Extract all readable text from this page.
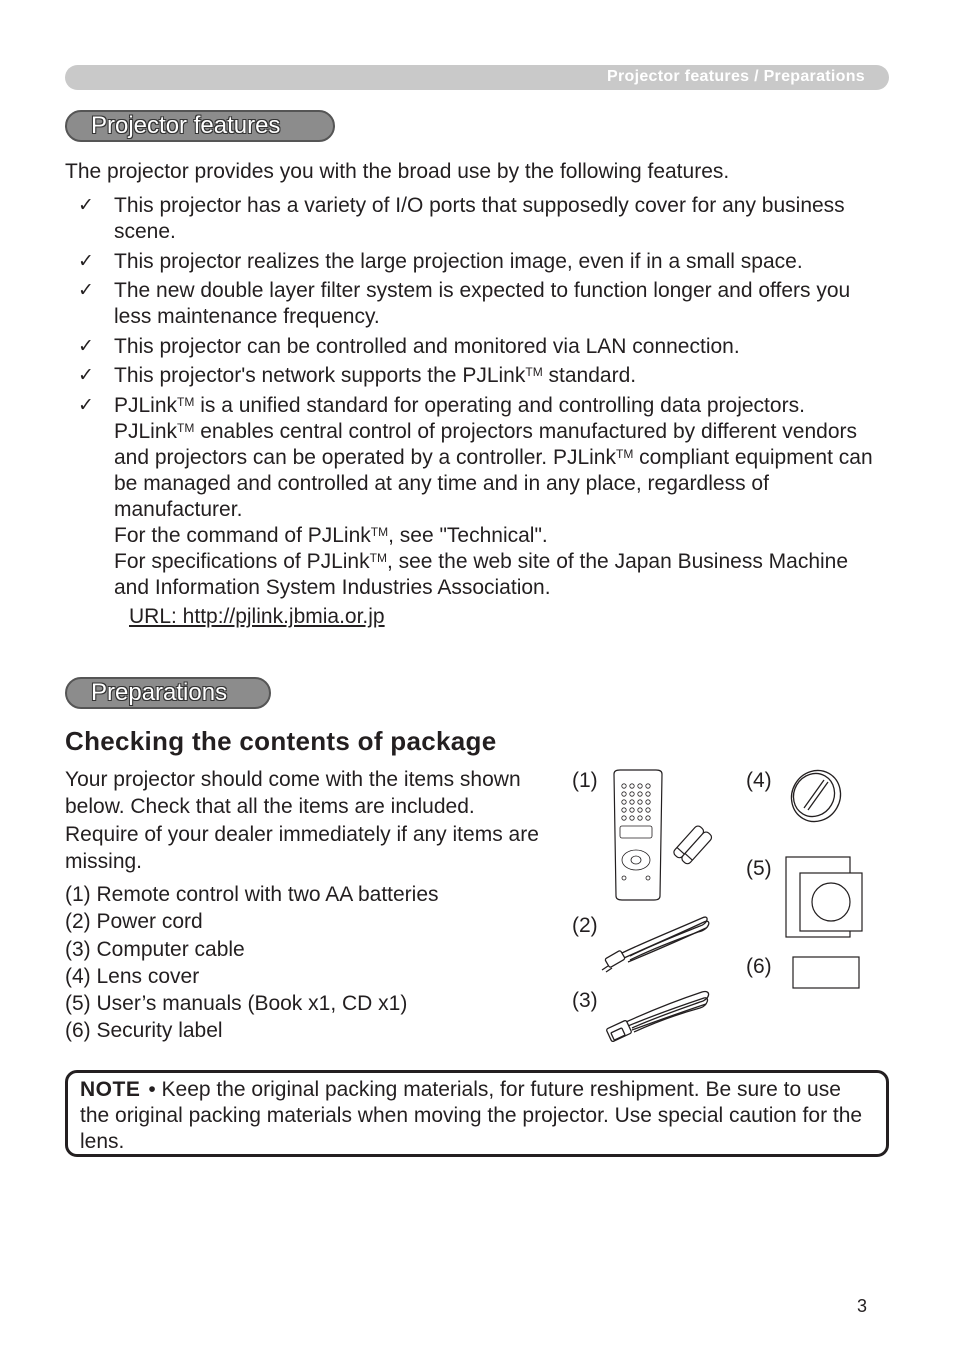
Projector features / Preparations
Projector features

The projector provides you with the broad use by the following features.

✓ This projector has a variety of I/O ports that supposedly cover for any business scene.
✓ This projector realizes the large projection image, even if in a small space.
✓ The new double layer filter system is expected to function longer and offers you less maintenance frequency.
✓ This projector can be controlled and monitored via LAN connection.
✓ This projector's network supports the PJLink™ standard.
✓ PJLink™ is a unified standard for operating and controlling data projectors.
PJLink™ enables central control of projectors manufactured by different vendors and projectors can be operated by a controller. PJLink™ compliant equipment can be managed and controlled at any time and in any place, regardless of manufacturer.
For the command of PJLink™, see "Technical".
For specifications of PJLink™, see the web site of the Japan Business Machine and Information System Industries Association.
URL: http://pjlink.jbmia.or.jp
Preparations
Checking the contents of package

Your projector should come with the items shown below. Check that all the items are included. Require of your dealer immediately if any items are missing.

(1) Remote control with two AA batteries
(2) Power cord
(3) Computer cable
(4) Lens cover
(5) User’s manuals (Book x1, CD x1)
(6) Security label
(1)
(2)
(3)
(4)
(5)
(6)
NOTE • Keep the original packing materials, for future reshipment. Be sure to use the original packing materials when moving the projector. Use special caution for the lens.
3
